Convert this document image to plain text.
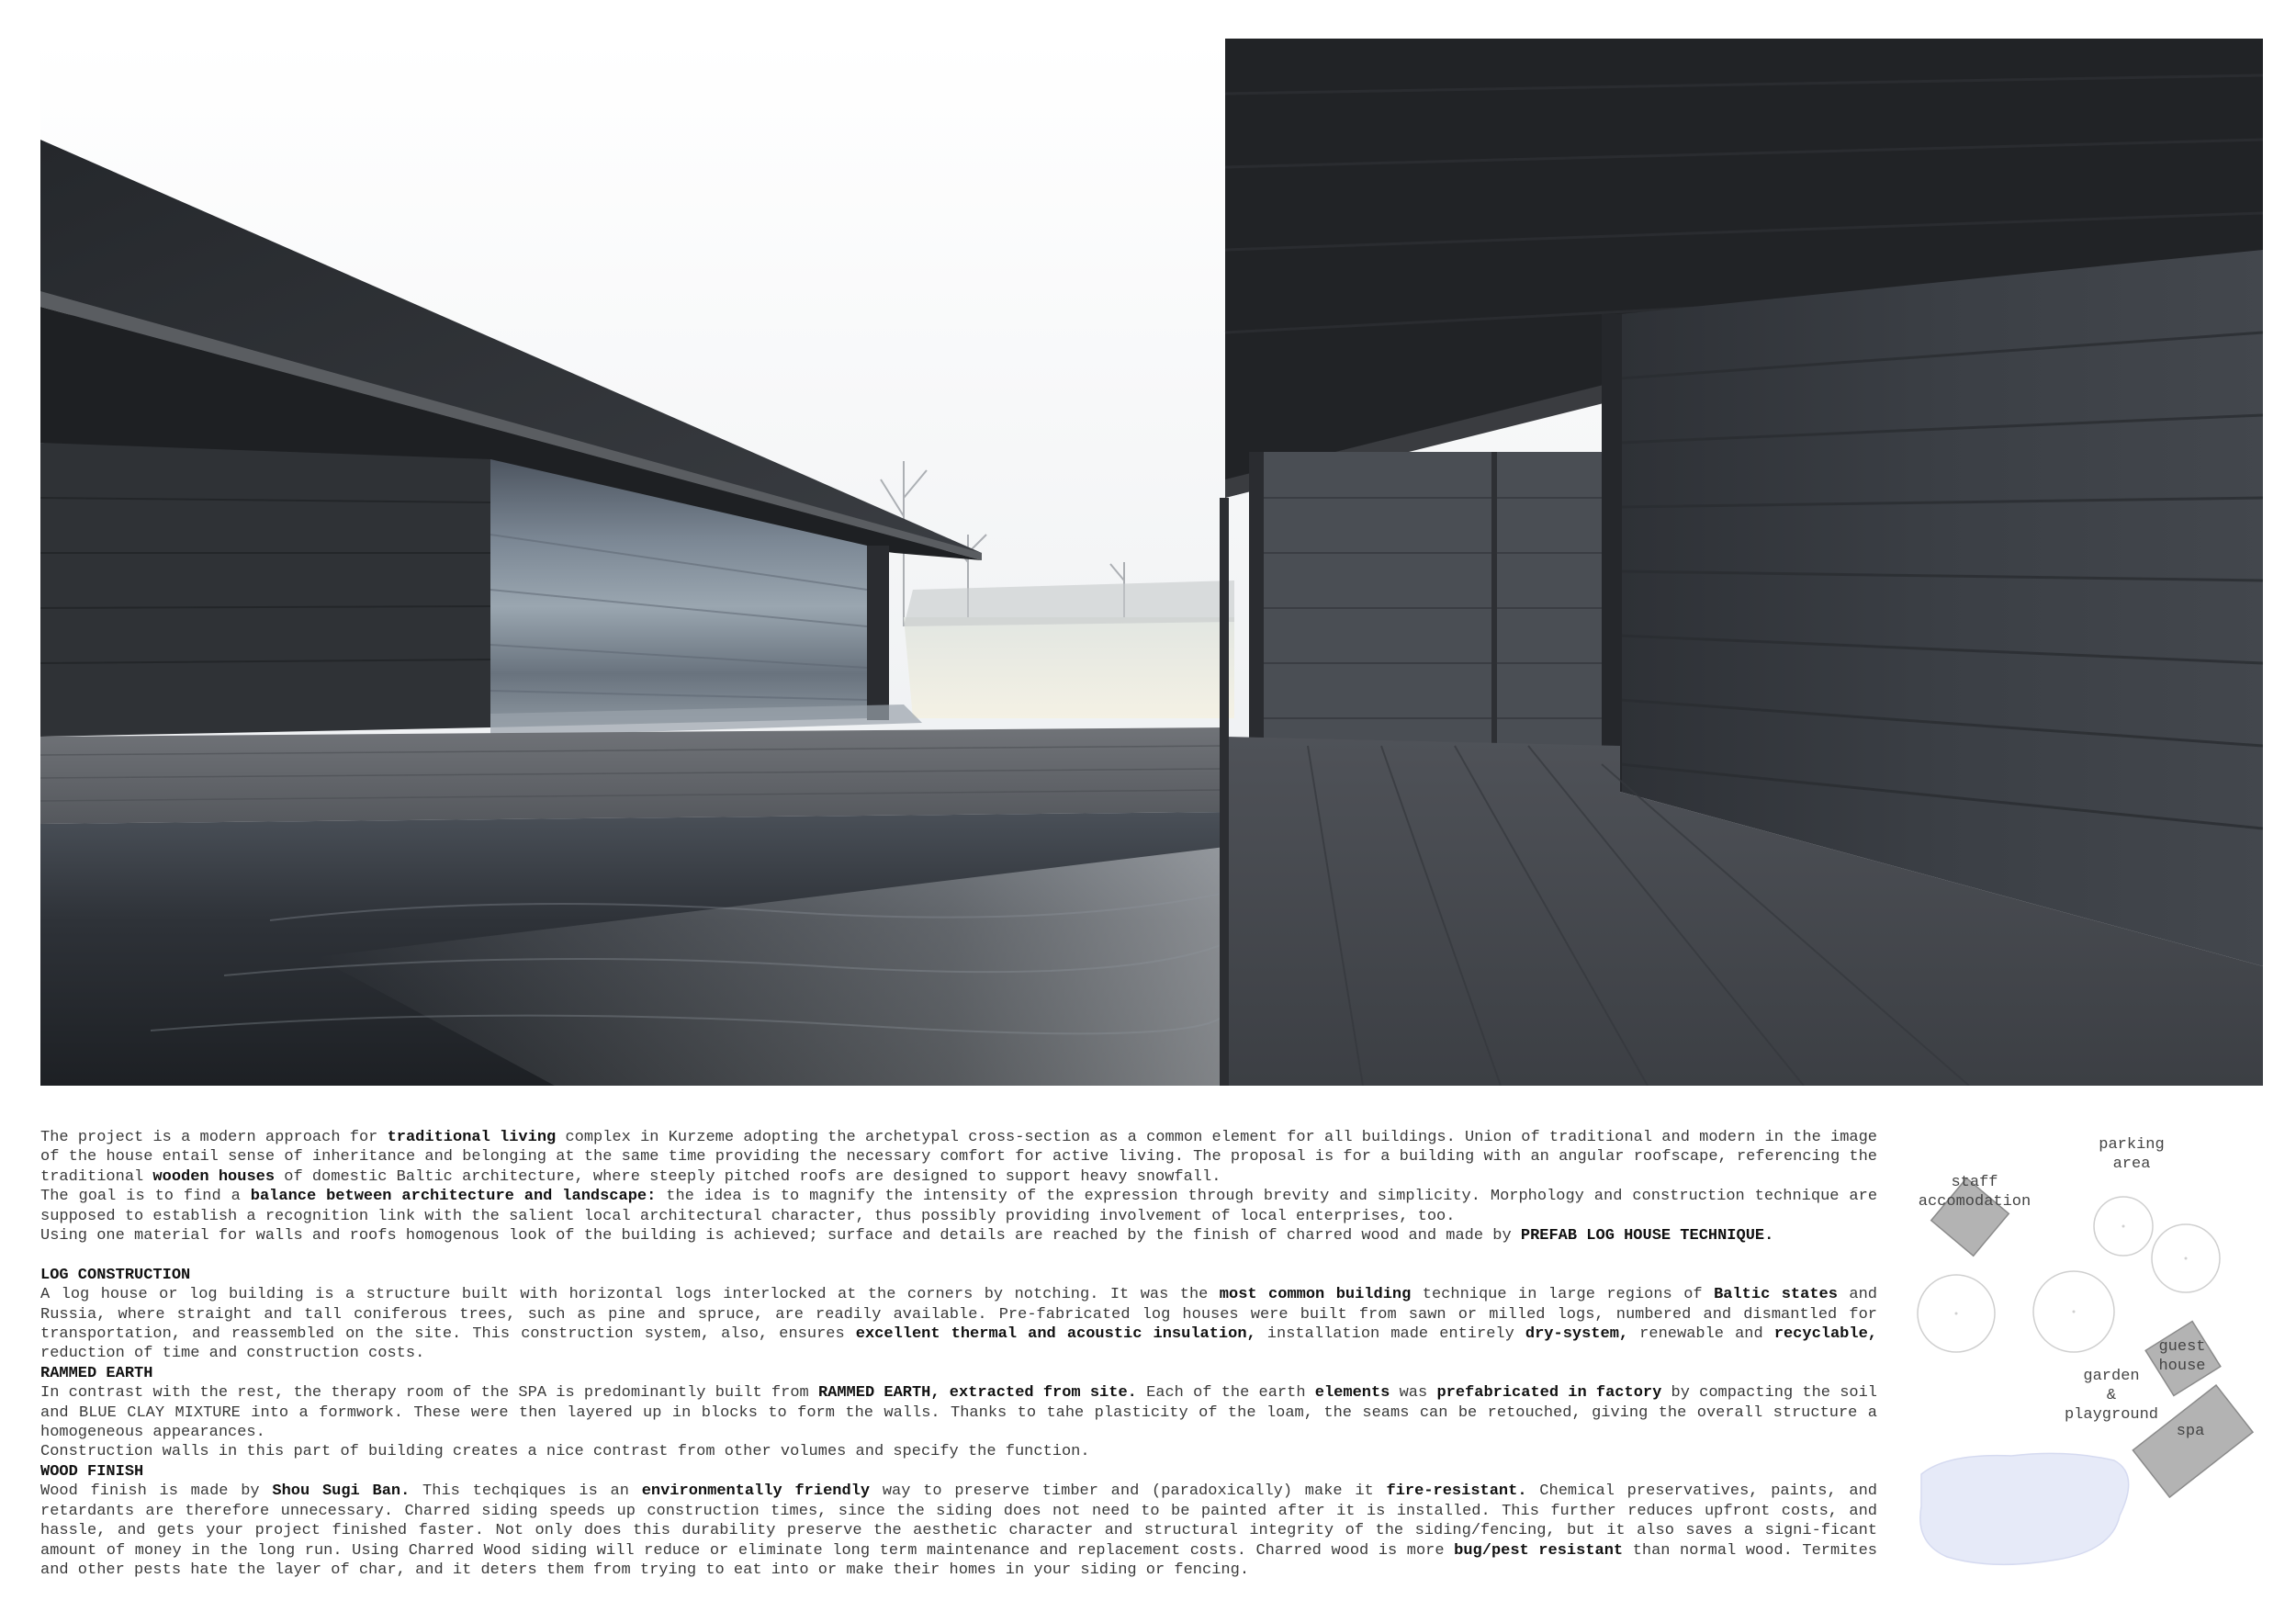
The project is a modern approach for traditional living complex in Kurzeme adopting the archetypal cross-section as a common element for all buildings. Union of traditional and modern in the image of the house entail sense of inheritance and belonging at the same time providing the necessary comfort for active living. The proposal is for a building with an angular roofscape, referencing the traditional wooden houses of domestic Baltic architecture, where steeply pitched roofs are designed to support heavy snowfall.

The goal is to find a balance between architecture and landscape: the idea is to magnify the intensity of the expression through brevity and simplicity. Morphology and construction technique are supposed to establish a recognition link with the salient local architectural character, thus possibly providing involvement of local enterprises, too.

Using one material for walls and roofs homogenous look of the building is achieved; surface and details are reached by the finish of charred wood and made by PREFAB LOG HOUSE TECHNIQUE.

LOG CONSTRUCTION

A log house or log building is a structure built with horizontal logs interlocked at the corners by notching. It was the most common building technique in large regions of Baltic states and Russia, where straight and tall coniferous trees, such as pine and spruce, are readily available. Pre-fabricated log houses were built from sawn or milled logs, numbered and dismantled for transportation, and reassembled on the site. This construction system, also, ensures excellent thermal and acoustic insulation, installation made entirely dry-system, renewable and recyclable, reduction of time and construction costs.

RAMMED EARTH

In contrast with the rest, the therapy room of the SPA is predominantly built from RAMMED EARTH, extracted from site. Each of the earth elements was prefabricated in factory by compacting the soil and BLUE CLAY MIXTURE into a formwork. These were then layered up in blocks to form the walls. Thanks to tahe plasticity of the loam, the seams can be retouched, giving the overall structure a homogeneous appearances.

Construction walls in this part of building creates a nice contrast from other volumes and specify the function.

WOOD FINISH

Wood finish is made by Shou Sugi Ban. This techqiques is an environmentally friendly way to preserve timber and (paradoxically) make it fire-resistant. Chemical preservatives, paints, and retardants are therefore unnecessary. Charred siding speeds up construction times, since the siding does not need to be painted after it is installed. This further reduces upfront costs, and hassle, and gets your project finished faster. Not only does this durability preserve the aesthetic character and structural integrity of the siding/fencing, but it also saves a signi-ficant amount of money in the long run. Using Charred Wood siding will reduce or eliminate long term maintenance and replacement costs. Charred wood is more bug/pest resistant than normal wood. Termites and other pests hate the layer of char, and it deters them from trying to eat into or make their homes in your siding or fencing.

parking
area
staff
accomodation
guest
house
garden
&
playground
spa
